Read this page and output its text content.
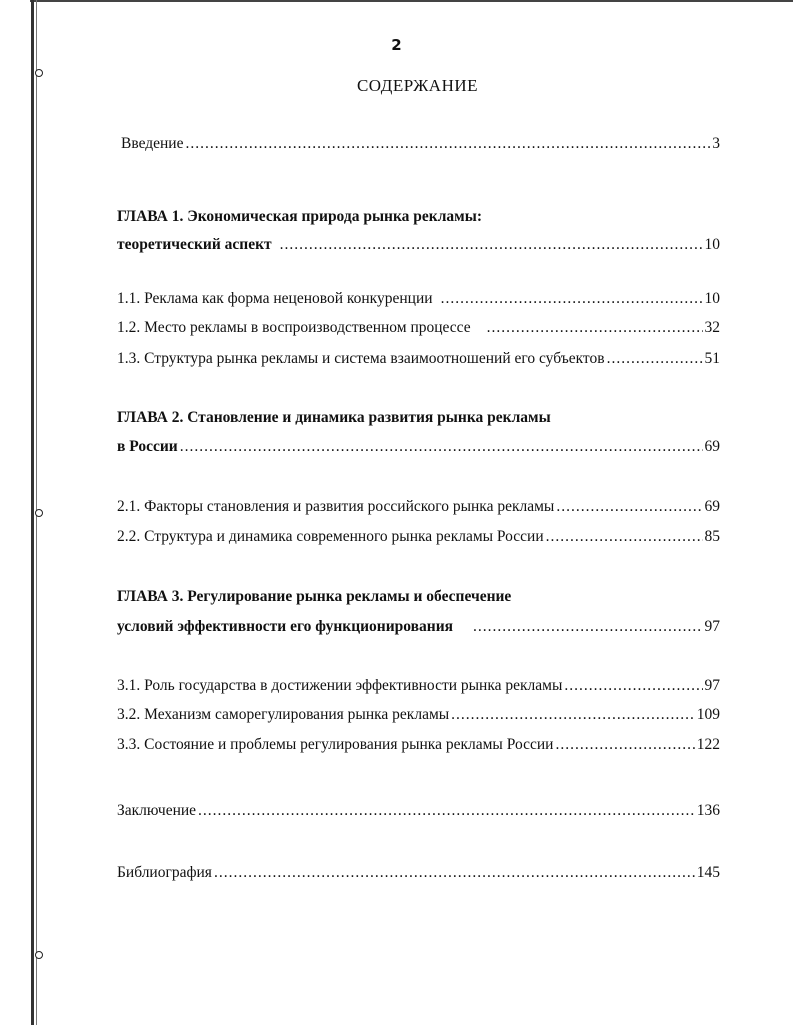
2
СОДЕРЖАНИЕ
Введение .....	3
ГЛАВА 1. Экономическая природа рынка рекламы:
теоретический аспект .....	10
1.1. Реклама как форма неценовой конкуренции .....	10
1.2. Место рекламы в воспроизводственном процессе .....	32
1.3. Структура рынка рекламы и система взаимоотношений его субъектов .....	51
ГЛАВА 2. Становление и динамика развития рынка рекламы
в России .....	69
2.1. Факторы становления и развития российского рынка рекламы .....	69
2.2. Структура и динамика современного рынка рекламы России .....	85
ГЛАВА 3. Регулирование рынка рекламы и обеспечение
условий эффективности его функционирования .....	97
3.1. Роль государства в достижении эффективности рынка рекламы .....	97
3.2. Механизм саморегулирования рынка рекламы .....	109
3.3. Состояние и проблемы регулирования рынка рекламы России .....	122
Заключение .....	136
Библиография .....	145
